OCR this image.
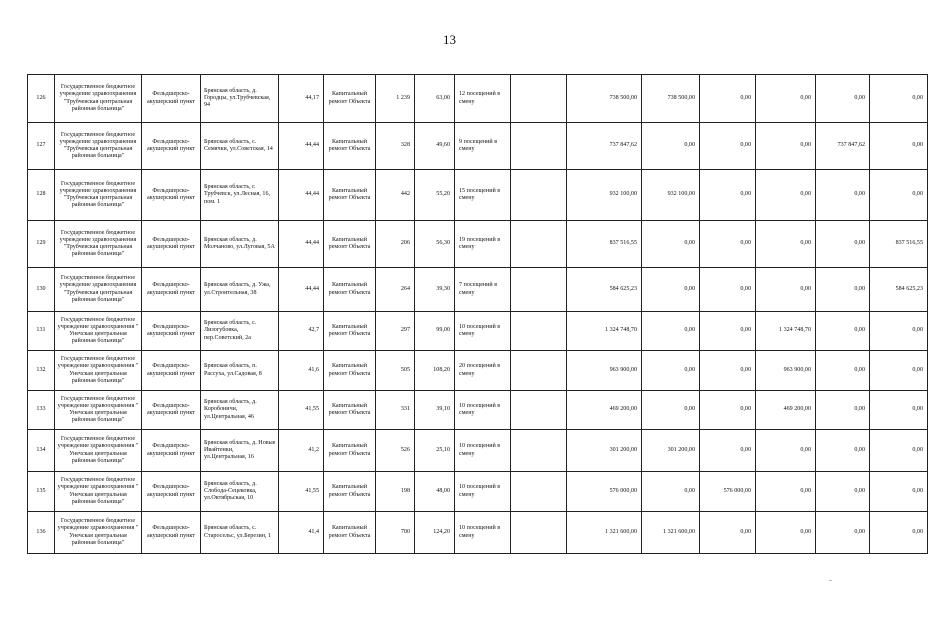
13
126	Государственное бюджетное учреждение здравоохранения "Трубчевская центральная районная больница"	Фельдшерско-акушерский пункт	Брянская область, д. Городцы, ул.Трубчевская, 94	44,17	Капитальный ремонт Объекта	1 239	63,00	12 посещений в смену		738 500,00	738 500,00	0,00	0,00	0,00	0,00
127	Государственное бюджетное учреждение здравоохранения "Трубчевская центральная районная больница"	Фельдшерско-акушерский пункт	Брянская область, с. Семячки, ул.Советская, 14	44,44	Капитальный ремонт Объекта	328	49,60	9 посещений в смену		737 847,62	0,00	0,00	0,00	737 847,62	0,00
128	Государственное бюджетное учреждение здравоохранения "Трубчевская центральная районная больница"	Фельдшерско-акушерский пункт	Брянская область, г. Трубчевск, ул.Лесная, 16, пом. 1	44,44	Капитальный ремонт Объекта	442	55,20	15 посещений в смену		932 100,00	932 100,00	0,00	0,00	0,00	0,00
129	Государственное бюджетное учреждение здравоохранения "Трубчевская центральная районная больница"	Фельдшерско-акушерский пункт	Брянская область, д. Молчаново, ул.Луговая, 5А	44,44	Капитальный ремонт Объекта	206	56,30	19 посещений в смену		837 516,55	0,00	0,00	0,00	0,00	837 516,55
130	Государственное бюджетное учреждение здравоохранения "Трубчевская центральная районная больница"	Фельдшерско-акушерский пункт	Брянская область, д. Ужа, ул.Строительная, 38	44,44	Капитальный ремонт Объекта	264	39,30	7 посещений в смену		584 625,23	0,00	0,00	0,00	0,00	584 625,23
131	Государственное бюджетное учреждение здравоохранения " Унечская центральная районная больница"	Фельдшерско-акушерский пункт	Брянская область, с. Лизогубовка, пер.Советский, 2а	42,7	Капитальный ремонт Объекта	297	99,00	10 посещений в смену		1 324 748,70	0,00	0,00	1 324 748,70	0,00	0,00
132	Государственное бюджетное учреждение здравоохранения " Унечская центральная районная больница"	Фельдшерско-акушерский пункт	Брянская область, п. Рассуха, ул.Садовая, 8	41,6	Капитальный ремонт Объекта	505	108,20	20 посещений в смену		963 900,00	0,00	0,00	963 900,00	0,00	0,00
133	Государственное бюджетное учреждение здравоохранения " Унечская центральная районная больница"	Фельдшерско-акушерский пункт	Брянская область, д. Коробоничи, ул.Центральная, 46	41,55	Капитальный ремонт Объекта	331	39,10	10 посещений в смену		469 200,00	0,00	0,00	469 200,00	0,00	0,00
134	Государственное бюджетное учреждение здравоохранения " Унечская центральная районная больница"	Фельдшерско-акушерский пункт	Брянская область, д. Новые Ивайтенки, ул.Центральная, 16	41,2	Капитальный ремонт Объекта	526	25,10	10 посещений в смену		301 200,00	301 200,00	0,00	0,00	0,00	0,00
135	Государственное бюджетное учреждение здравоохранения " Унечская центральная районная больница"	Фельдшерско-акушерский пункт	Брянская область, д. Слобода-Сецековка, ул.Октябрьская, 10	41,55	Капитальный ремонт Объекта	198	48,00	10 посещений в смену		576 000,00	0,00	576 000,00	0,00	0,00	0,00
136	Государственное бюджетное учреждение здравоохранения " Унечская центральная районная больница"	Фельдшерско-акушерский пункт	Брянская область, с. Старосельс, ул.Березин, 1	41,4	Капитальный ремонт Объекта	700	124,20	10 посещений в смену		1 321 600,00	1 321 600,00	0,00	0,00	0,00	0,00
